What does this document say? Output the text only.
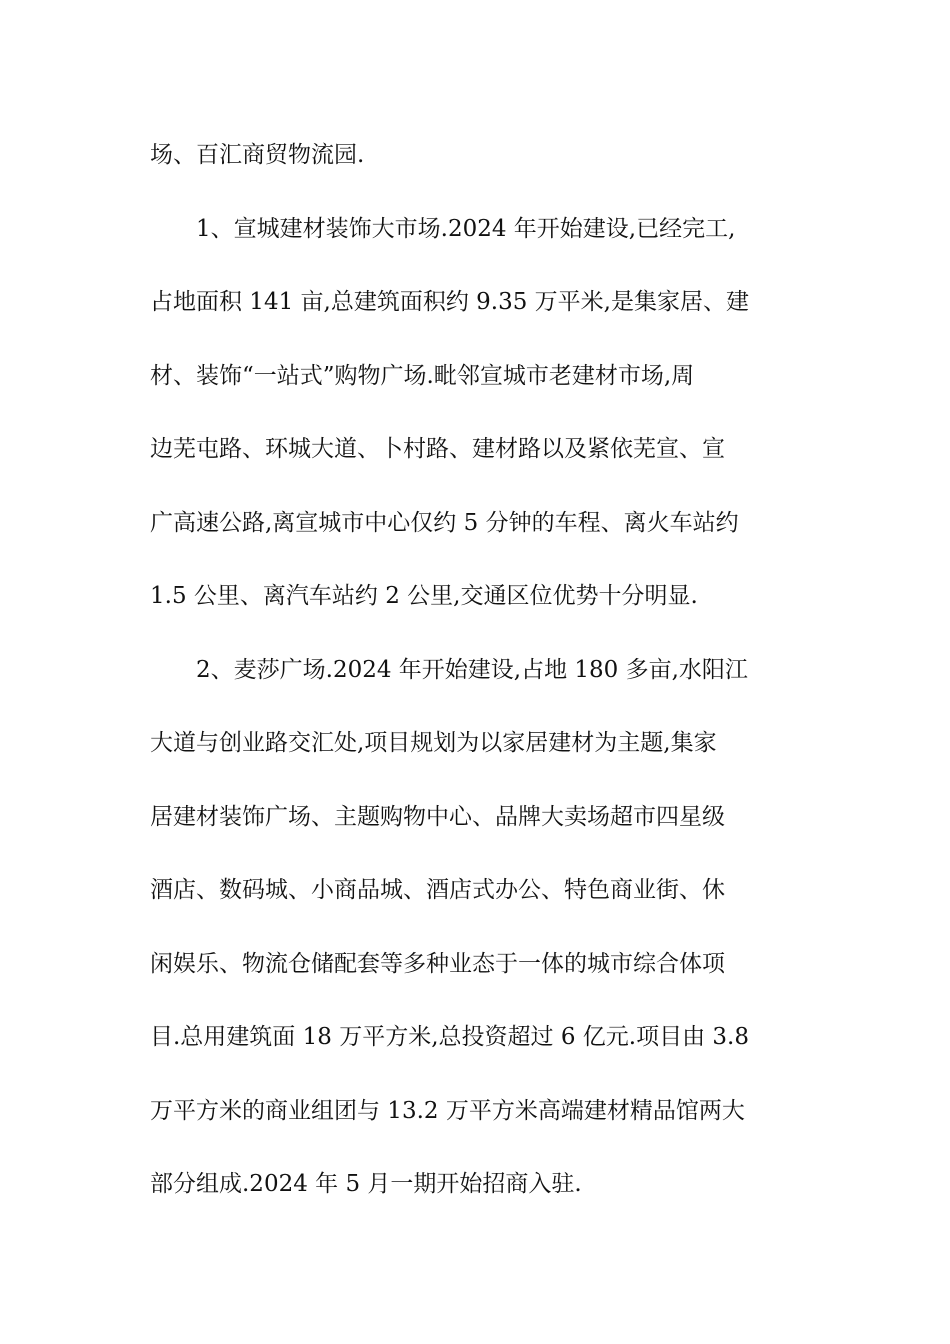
场、百汇商贸物流园.
1、宣城建材装饰大市场.2024 年开始建设,已经完工,
占地面积 141 亩,总建筑面积约 9.35 万平米,是集家居、建
材、装饰“一站式”购物广场.毗邻宣城市老建材市场,周
边芜屯路、环城大道、卜村路、建材路以及紧依芜宣、宣
广高速公路,离宣城市中心仅约 5 分钟的车程、离火车站约
1.5 公里、离汽车站约 2 公里,交通区位优势十分明显.
2、麦莎广场.2024 年开始建设,占地 180 多亩,水阳江
大道与创业路交汇处,项目规划为以家居建材为主题,集家
居建材装饰广场、主题购物中心、品牌大卖场超市四星级
酒店、数码城、小商品城、酒店式办公、特色商业街、休
闲娱乐、物流仓储配套等多种业态于一体的城市综合体项
目.总用建筑面 18 万平方米,总投资超过 6 亿元.项目由 3.8
万平方米的商业组团与 13.2 万平方米高端建材精品馆两大
部分组成.2024 年 5 月一期开始招商入驻.
